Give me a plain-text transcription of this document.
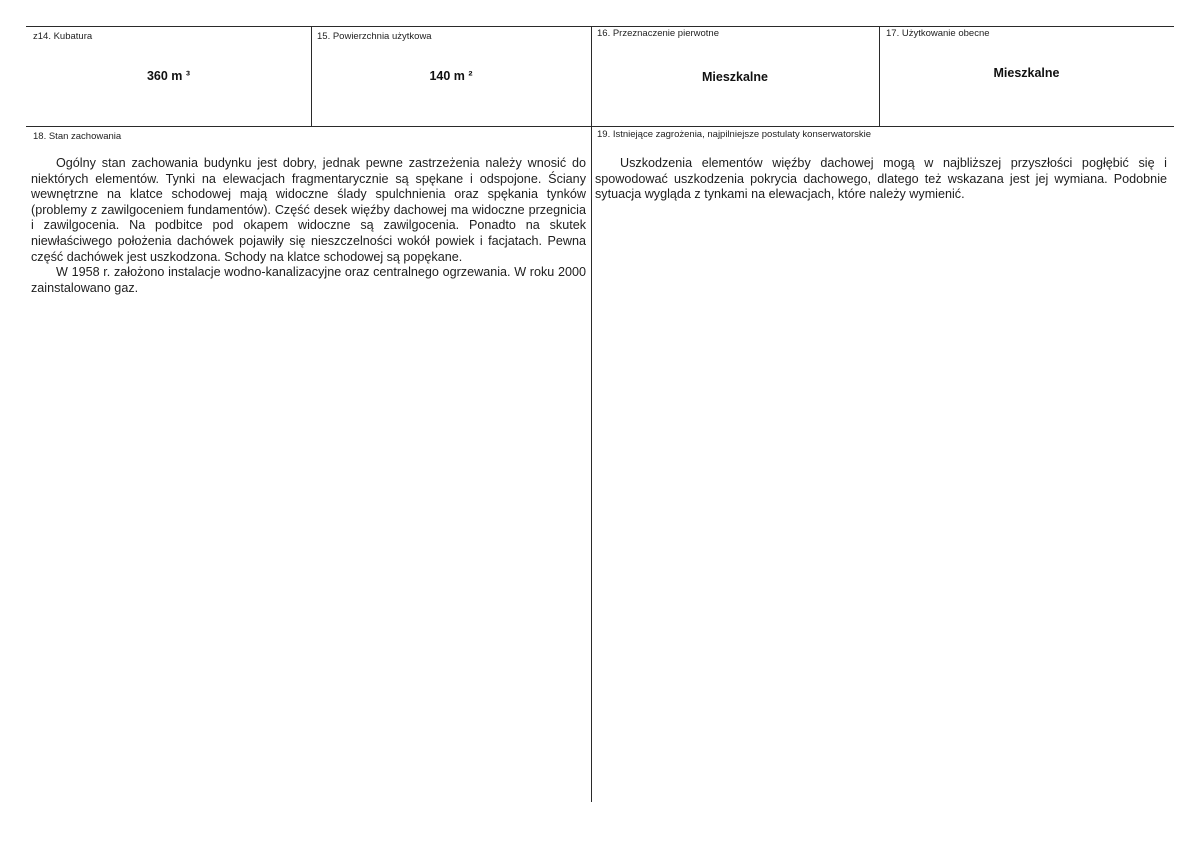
z14. Kubatura
360 m ³
15. Powierzchnia użytkowa
140 m ²
16. Przeznaczenie pierwotne
Mieszkalne
17. Użytkowanie obecne
Mieszkalne
18. Stan zachowania

Ogólny stan zachowania budynku jest dobry, jednak pewne zastrzeżenia należy wnosić do niektórych elementów. Tynki na elewacjach fragmentarycznie są spękane i odspojone. Ściany wewnętrzne na klatce schodowej mają widoczne ślady spulchnienia oraz spękania tynków (problemy z zawilgoceniem fundamentów). Część desek więźby dachowej ma widoczne przegnicia i zawilgocenia. Na podbitce pod okapem widoczne są zawilgocenia. Ponadto na skutek niewłaściwego położenia dachówek pojawiły się nieszczelności wokół powiek i facjatach. Pewna część dachówek jest uszkodzona. Schody na klatce schodowej są popękane.

W 1958 r. założono instalacje wodno-kanalizacyjne oraz centralnego ogrzewania. W roku 2000 zainstalowano gaz.

19. Istniejące zagrożenia, najpilniejsze postulaty konserwatorskie

Uszkodzenia elementów więźby dachowej mogą w najbliższej przyszłości pogłębić się i spowodować uszkodzenia pokrycia dachowego, dlatego też wskazana jest jej wymiana. Podobnie sytuacja wygląda z tynkami na elewacjach, które należy wymienić.
